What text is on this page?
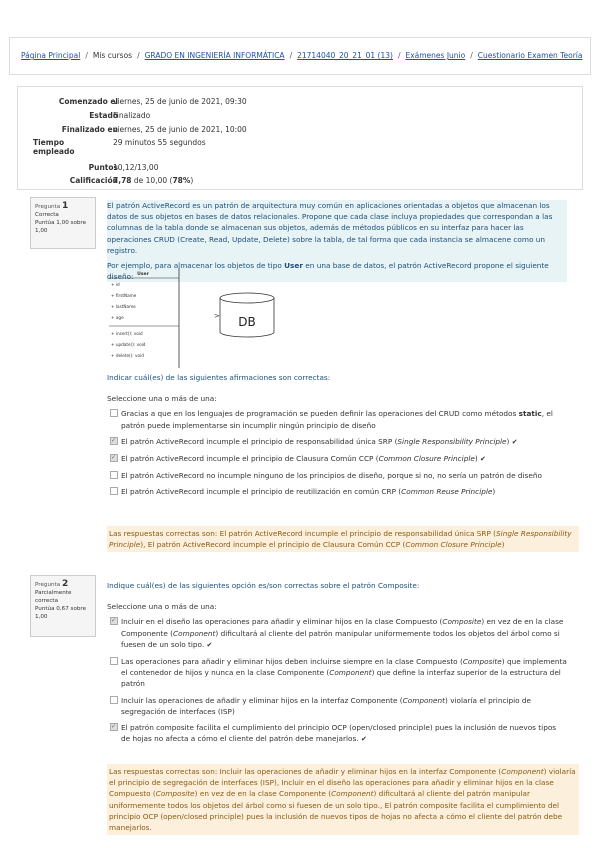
Página Principal / Mis cursos / GRADO EN INGENIERÍA INFORMÁTICA / 21714040_20_21_01 (13) / Exámenes Junio / Cuestionario Examen Teoría
Comenzado el
viernes, 25 de junio de 2021, 09:30
Estado
Finalizado
Finalizado en
viernes, 25 de junio de 2021, 10:00
Tiempo
empleado
29 minutos 55 segundos
Puntos
10,12/13,00
Calificación
7,78 de 10,00 (78%)
Pregunta 1
Correcta
Puntúa 1,00 sobre 1,00
El patrón ActiveRecord es un patrón de arquitectura muy común en aplicaciones orientadas a objetos que almacenan los datos de sus objetos en bases de datos relacionales. Propone que cada clase incluya propiedades que correspondan a las columnas de la tabla donde se almacenan sus objetos, además de métodos públicos en su interfaz para hacer las operaciones CRUD (Create, Read, Update, Delete) sobre la tabla, de tal forma que cada instancia se almacene como un registro.
Por ejemplo, para almacenar los objetos de tipo User en una base de datos, el patrón ActiveRecord propone el siguiente diseño: User
+ id
+ firstName
+ lastName
+ age
+ insert(): void
+ update(): void
+ delete(): void
> DB
Indicar cuál(es) de las siguientes afirmaciones son correctas:
Seleccione una o más de una:
Gracias a que en los lenguajes de programación se pueden definir las operaciones del CRUD como métodos static, el patrón puede implementarse sin incumplir ningún principio de diseño
✓
El patrón ActiveRecord incumple el principio de responsabilidad única SRP (Single Responsibility Principle) ✔
✓
El patrón ActiveRecord incumple el principio de Clausura Común CCP (Common Closure Principle) ✔
El patrón ActiveRecord no incumple ninguno de los principios de diseño, porque si no, no sería un patrón de diseño
El patrón ActiveRecord incumple el principio de reutilización en común CRP (Common Reuse Principle)
Las respuestas correctas son: El patrón ActiveRecord incumple el principio de responsabilidad única SRP (Single Responsibility Principle), El patrón ActiveRecord incumple el principio de Clausura Común CCP (Common Closure Principle)
Pregunta 2
Parcialmente correcta
Puntúa 0,67 sobre 1,00
Indique cuál(es) de las siguientes opción es/son correctas sobre el patrón Composite:
Seleccione una o más de una:
✓
Incluir en el diseño las operaciones para añadir y eliminar hijos en la clase Compuesto (Composite) en vez de en la clase Componente (Component) dificultará al cliente del patrón manipular uniformemente todos los objetos del árbol como si fuesen de un solo tipo. ✔
Las operaciones para añadir y eliminar hijos deben incluirse siempre en la clase Compuesto (Composite) que implementa el contenedor de hijos y nunca en la clase Componente (Component) que define la interfaz superior de la estructura del patrón
Incluir las operaciones de añadir y eliminar hijos en la interfaz Componente (Component) violaría el principio de segregación de interfaces (ISP)
✓
El patrón composite facilita el cumplimiento del principio OCP (open/closed principle) pues la inclusión de nuevos tipos de hojas no afecta a cómo el cliente del patrón debe manejarlos. ✔
Las respuestas correctas son: Incluir las operaciones de añadir y eliminar hijos en la interfaz Componente (Component) violaría el principio de segregación de interfaces (ISP), Incluir en el diseño las operaciones para añadir y eliminar hijos en la clase Compuesto (Composite) en vez de en la clase Componente (Component) dificultará al cliente del patrón manipular uniformemente todos los objetos del árbol como si fuesen de un solo tipo., El patrón composite facilita el cumplimiento del principio OCP (open/closed principle) pues la inclusión de nuevos tipos de hojas no afecta a cómo el cliente del patrón debe manejarlos.
